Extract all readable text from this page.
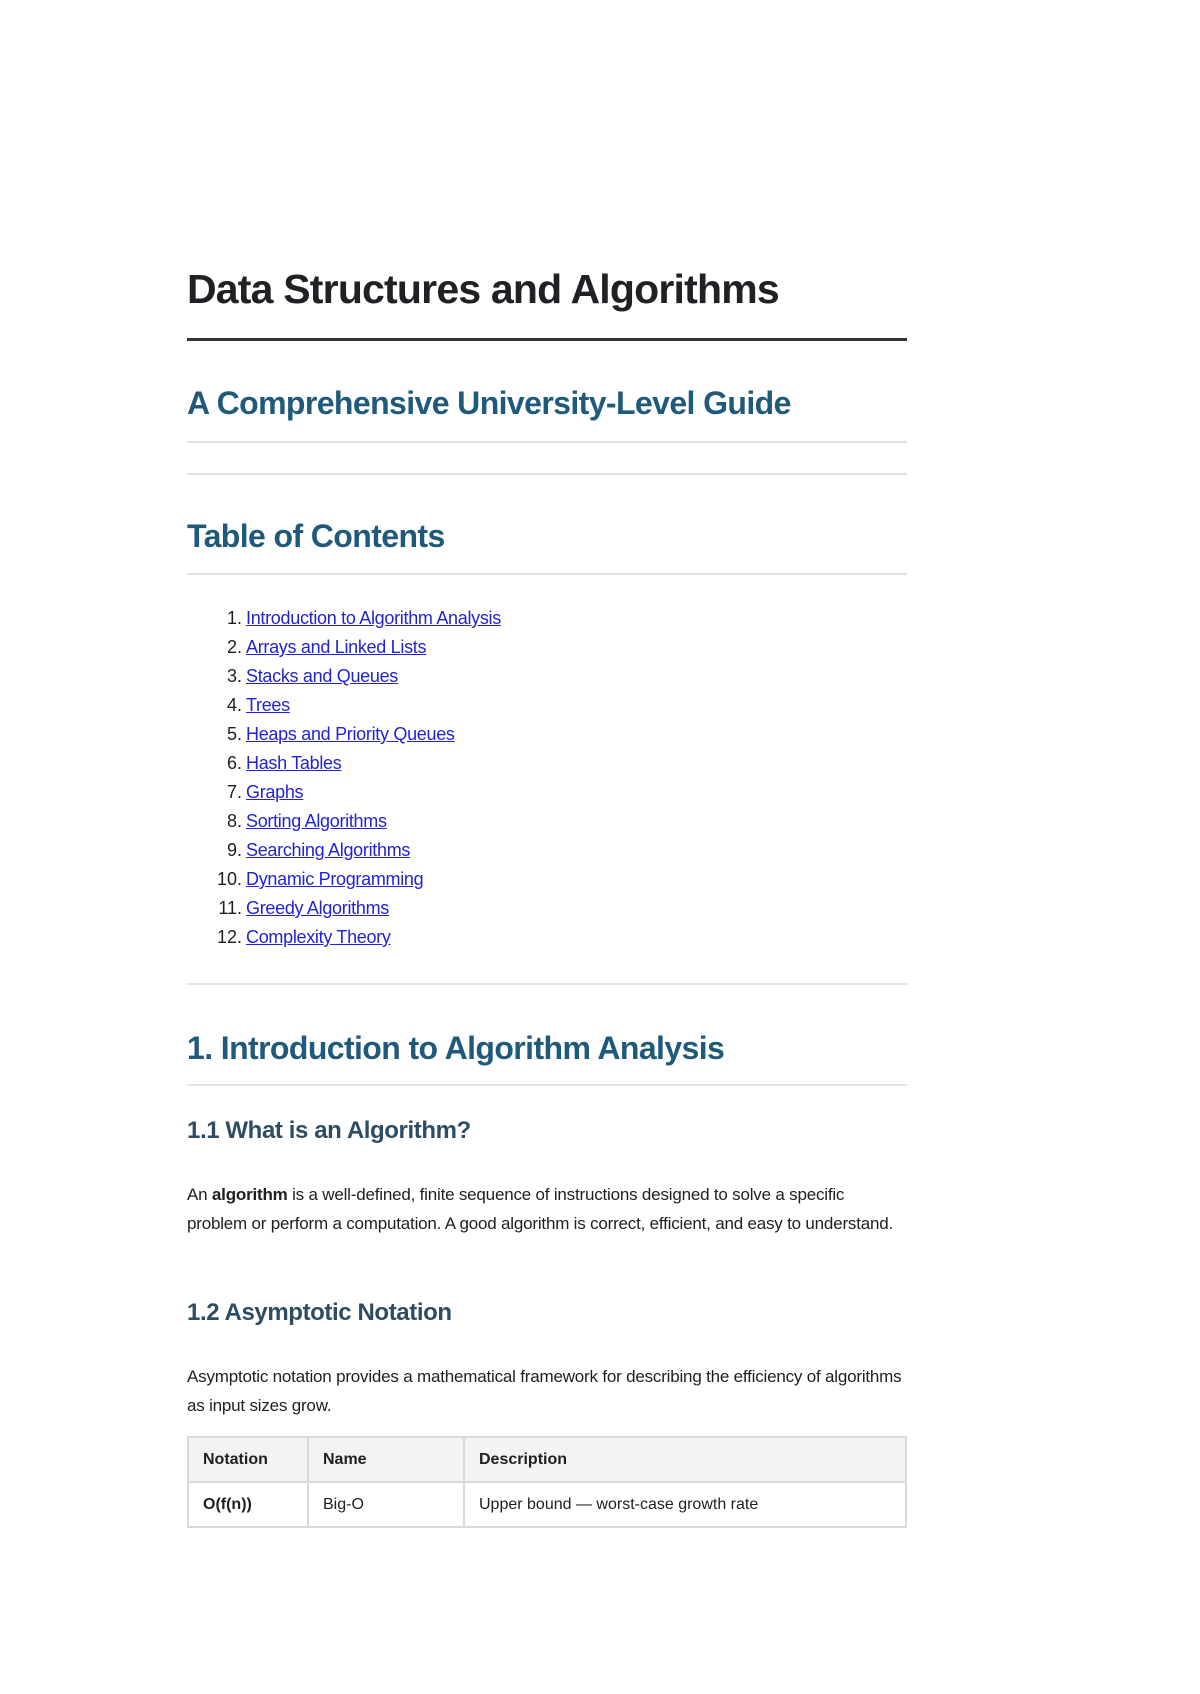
Data Structures and Algorithms
A Comprehensive University-Level Guide
Table of Contents
1. Introduction to Algorithm Analysis
2. Arrays and Linked Lists
3. Stacks and Queues
4. Trees
5. Heaps and Priority Queues
6. Hash Tables
7. Graphs
8. Sorting Algorithms
9. Searching Algorithms
10. Dynamic Programming
11. Greedy Algorithms
12. Complexity Theory
1. Introduction to Algorithm Analysis
1.1 What is an Algorithm?

An algorithm is a well-defined, finite sequence of instructions designed to solve a specific problem or perform a computation. A good algorithm is correct, efficient, and easy to understand.

1.2 Asymptotic Notation

Asymptotic notation provides a mathematical framework for describing the efficiency of algorithms as input sizes grow.

Notation	Name	Description
O(f(n))	Big-O	Upper bound — worst-case growth rate
